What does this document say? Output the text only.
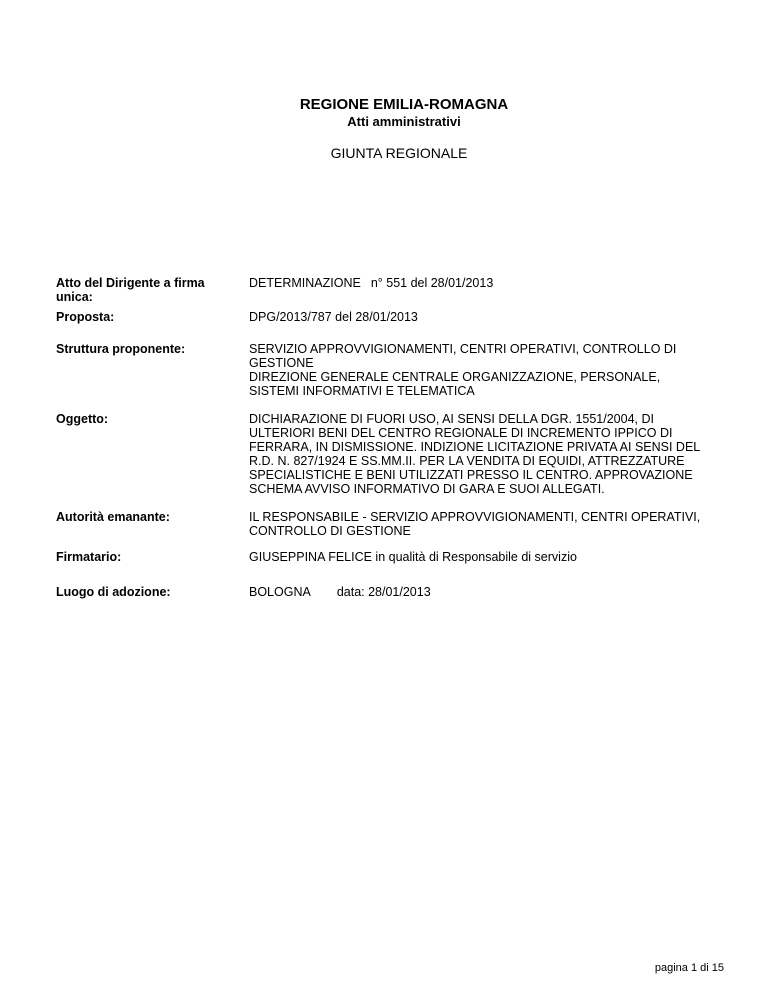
REGIONE EMILIA-ROMAGNA
Atti amministrativi
GIUNTA REGIONALE
Atto del Dirigente a firma
unica:
DETERMINAZIONE n° 551 del 28/01/2013
Proposta:	DPG/2013/787 del 28/01/2013
Struttura proponente:	SERVIZIO APPROVVIGIONAMENTI, CENTRI OPERATIVI, CONTROLLO DI
GESTIONE
DIREZIONE GENERALE CENTRALE ORGANIZZAZIONE, PERSONALE,
SISTEMI INFORMATIVI E TELEMATICA
Oggetto:	DICHIARAZIONE DI FUORI USO, AI SENSI DELLA DGR. 1551/2004, DI
ULTERIORI BENI DEL CENTRO REGIONALE DI INCREMENTO IPPICO DI
FERRARA, IN DISMISSIONE. INDIZIONE LICITAZIONE PRIVATA AI SENSI DEL
R.D. N. 827/1924 E SS.MM.II. PER LA VENDITA DI EQUIDI, ATTREZZATURE
SPECIALISTICHE E BENI UTILIZZATI PRESSO IL CENTRO. APPROVAZIONE
SCHEMA AVVISO INFORMATIVO DI GARA E SUOI ALLEGATI.
Autorità emanante:	IL RESPONSABILE - SERVIZIO APPROVVIGIONAMENTI, CENTRI OPERATIVI,
CONTROLLO DI GESTIONE
Firmatario:	GIUSEPPINA FELICE in qualità di Responsabile di servizio
Luogo di adozione:	BOLOGNA data: 28/01/2013
pagina 1 di 15
